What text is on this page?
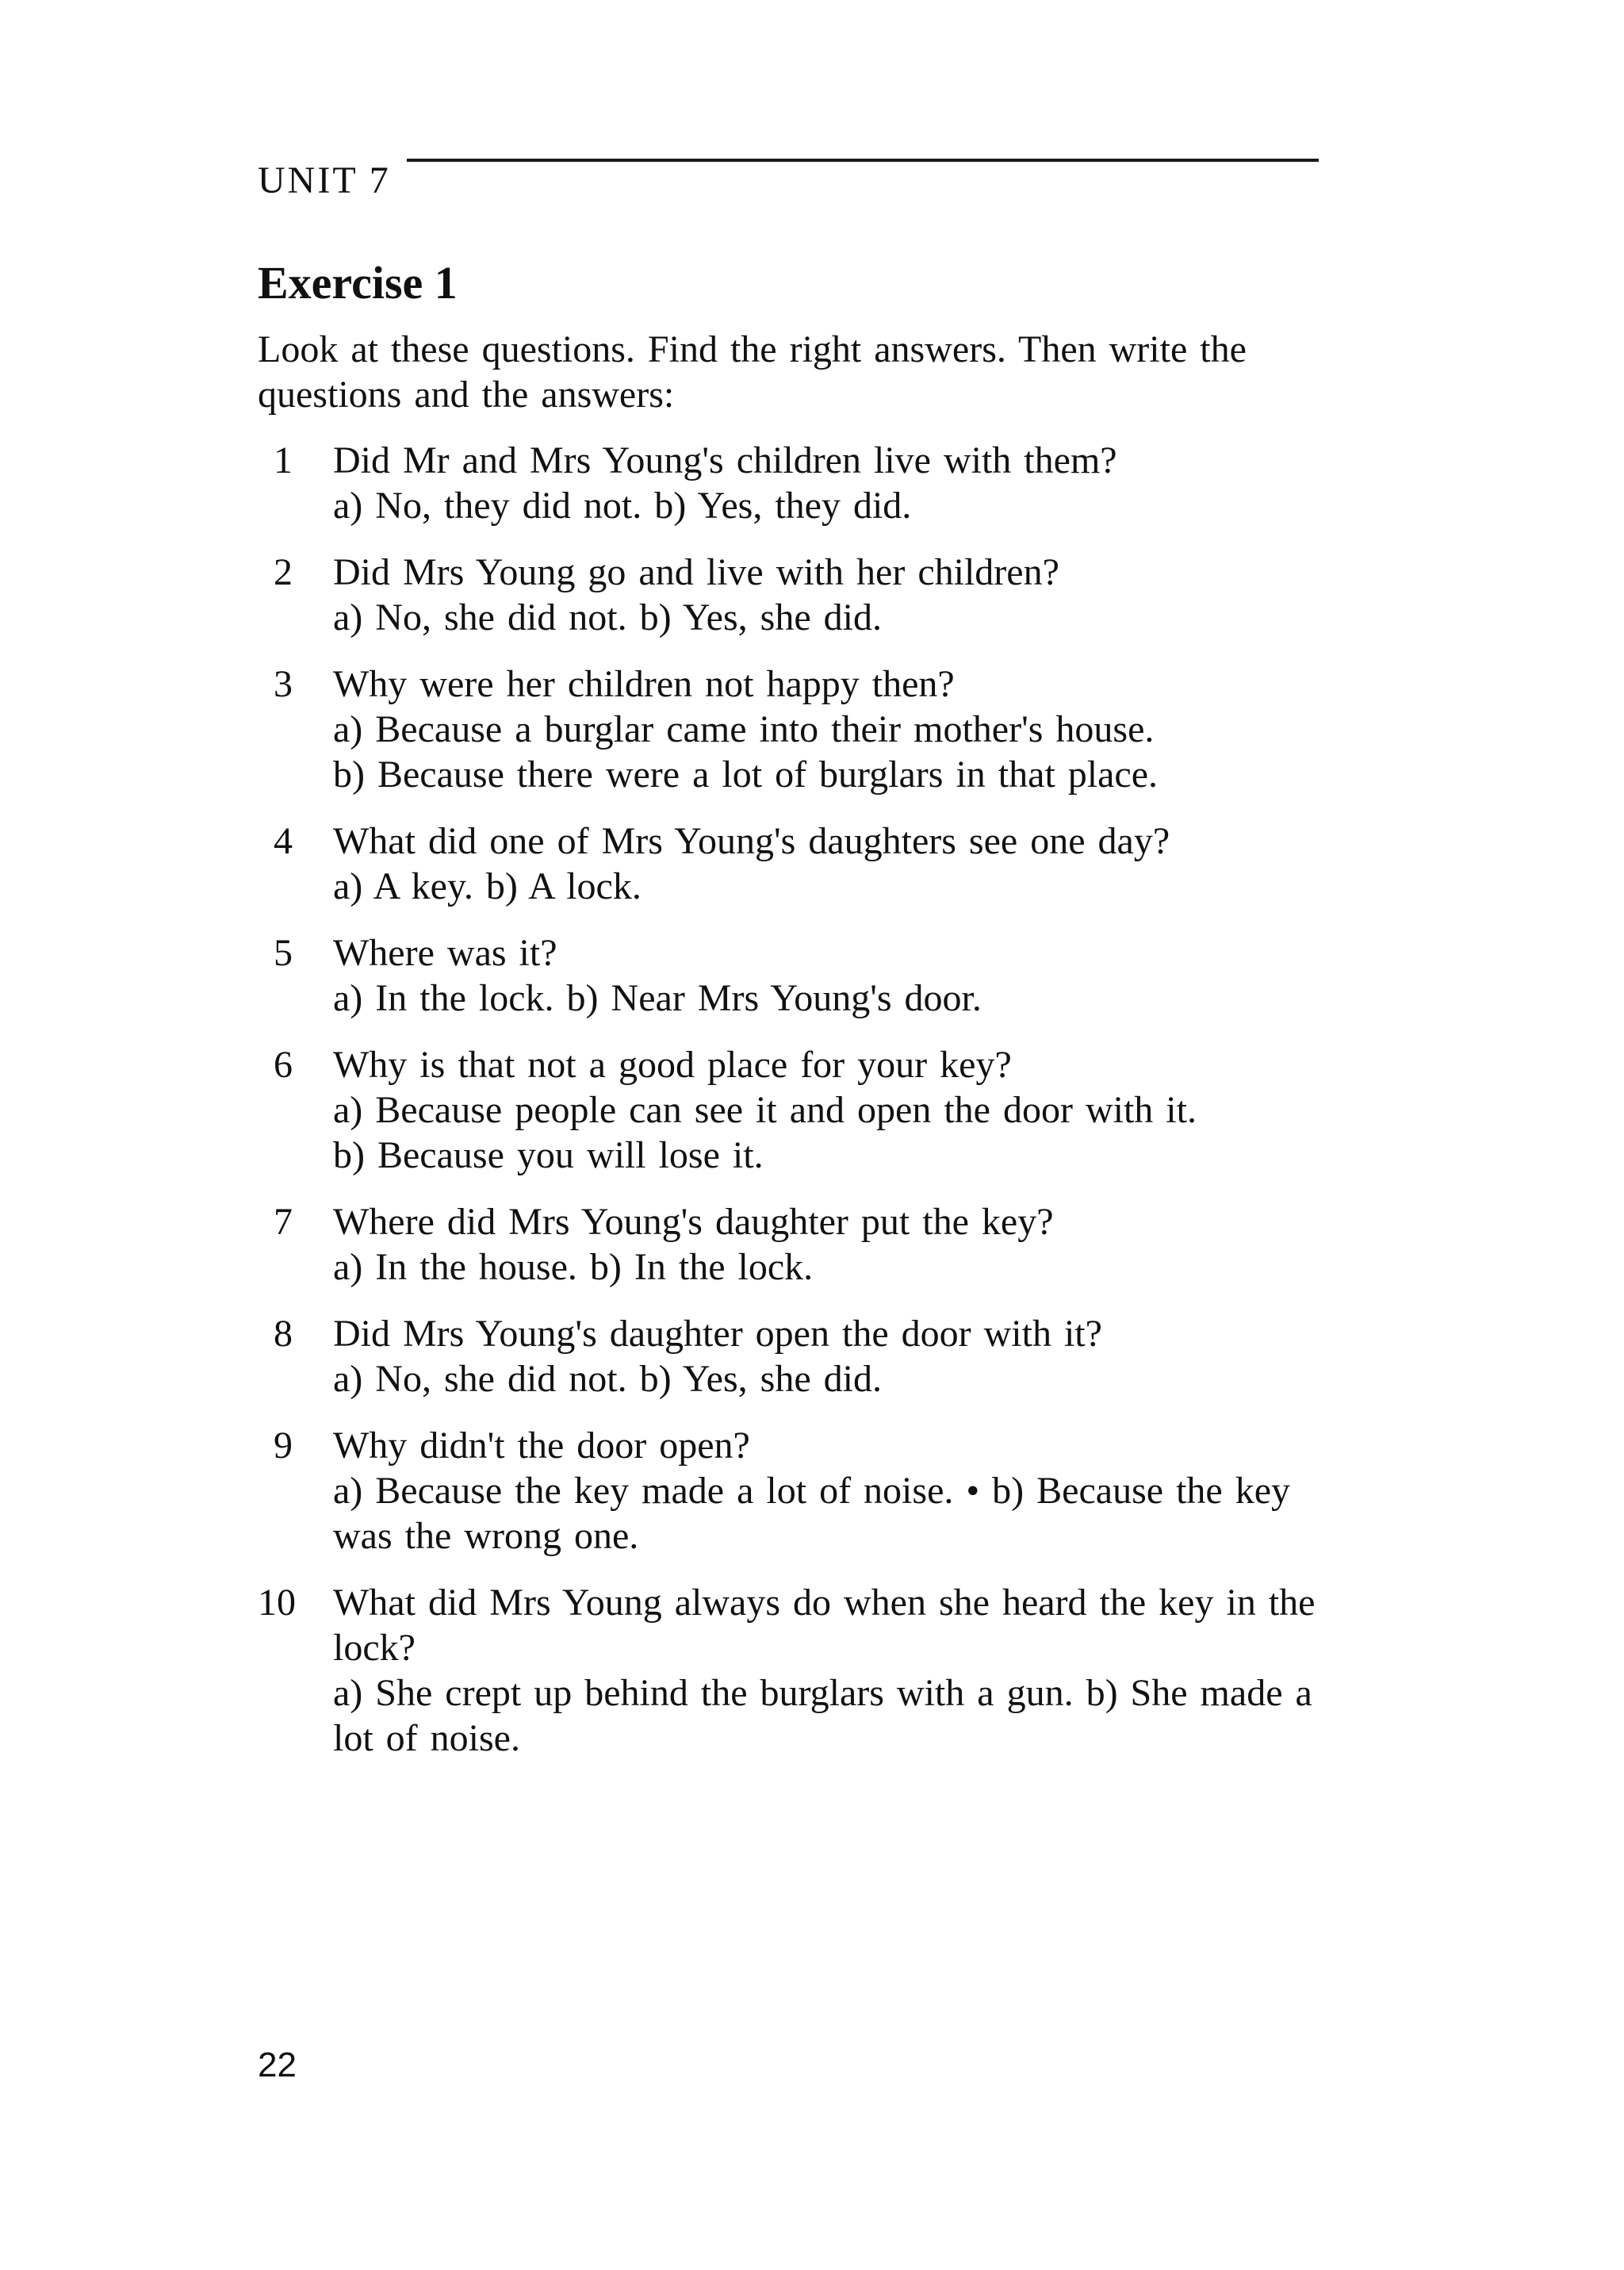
UNIT 7
Exercise 1

Look at these questions. Find the right answers. Then write the questions and the answers:

1 Did Mr and Mrs Young's children live with them?
a) No, they did not. b) Yes, they did.
2 Did Mrs Young go and live with her children?
a) No, she did not. b) Yes, she did.
3 Why were her children not happy then?
a) Because a burglar came into their mother's house.
b) Because there were a lot of burglars in that place.
4 What did one of Mrs Young's daughters see one day?
a) A key. b) A lock.
5 Where was it?
a) In the lock. b) Near Mrs Young's door.
6 Why is that not a good place for your key?
a) Because people can see it and open the door with it.
b) Because you will lose it.
7 Where did Mrs Young's daughter put the key?
a) In the house. b) In the lock.
8 Did Mrs Young's daughter open the door with it?
a) No, she did not. b) Yes, she did.
9 Why didn't the door open?
a) Because the key made a lot of noise. • b) Because the key was the wrong one.
10 What did Mrs Young always do when she heard the key in the lock?
a) She crept up behind the burglars with a gun. b) She made a lot of noise.
22
